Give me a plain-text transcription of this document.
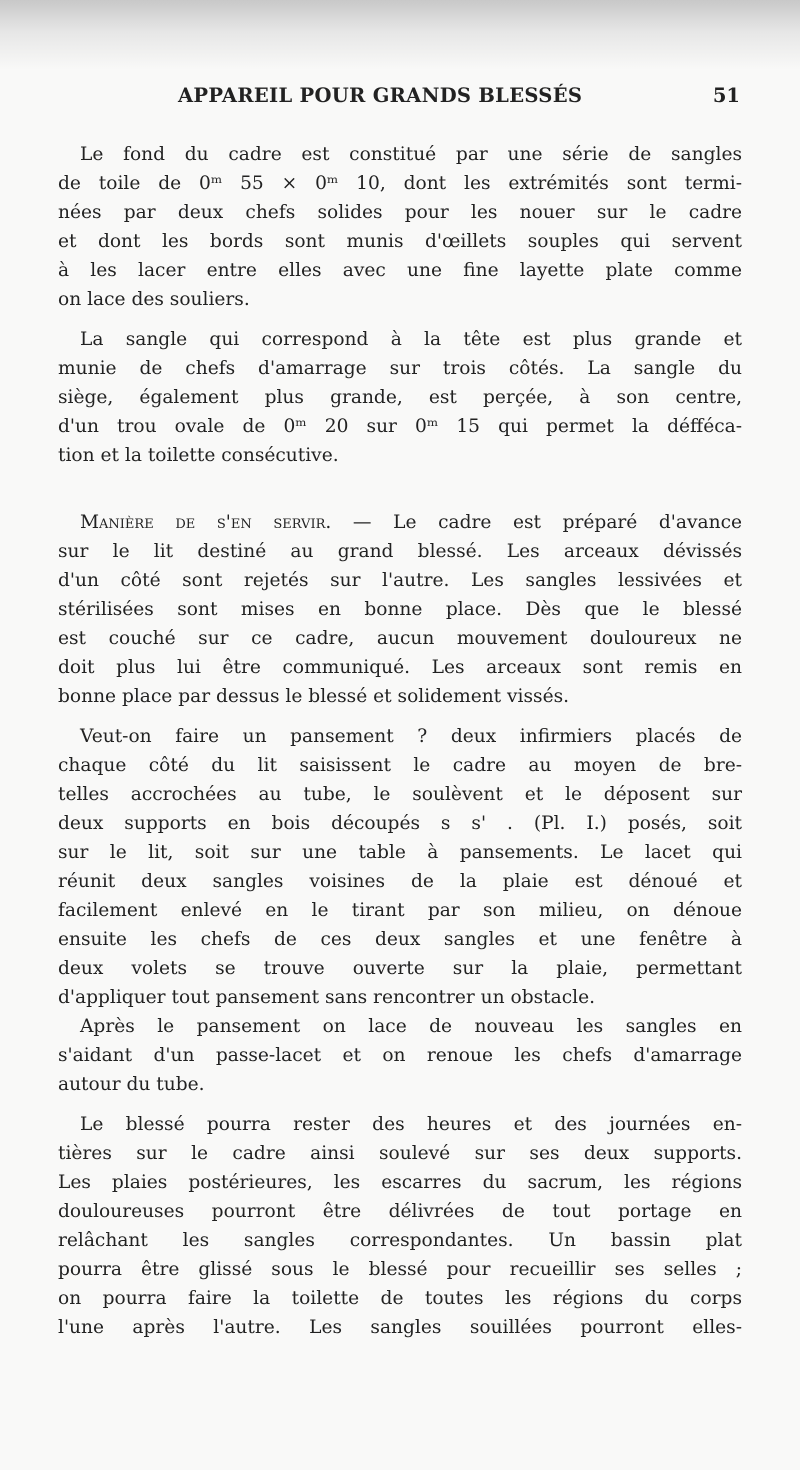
APPAREIL POUR GRANDS BLESSÉS	51
Le fond du cadre est constitué par une série de sangles
de toile de 0ᵐ 55 × 0ᵐ 10, dont les extrémités sont termi-
nées par deux chefs solides pour les nouer sur le cadre
et dont les bords sont munis d'œillets souples qui servent
à les lacer entre elles avec une fine layette plate comme
on lace des souliers.
La sangle qui correspond à la tête est plus grande et
munie de chefs d'amarrage sur trois côtés. La sangle du
siège, également plus grande, est perçée, à son centre,
d'un trou ovale de 0ᵐ 20 sur 0ᵐ 15 qui permet la défféca-
tion et la toilette consécutive.
Manière de s'en servir. — Le cadre est préparé d'avance
sur le lit destiné au grand blessé. Les arceaux dévissés
d'un côté sont rejetés sur l'autre. Les sangles lessivées et
stérilisées sont mises en bonne place. Dès que le blessé
est couché sur ce cadre, aucun mouvement douloureux ne
doit plus lui être communiqué. Les arceaux sont remis en
bonne place par dessus le blessé et solidement vissés.
Veut-on faire un pansement ? deux infirmiers placés de
chaque côté du lit saisissent le cadre au moyen de bre-
telles accrochées au tube, le soulèvent et le déposent sur
deux supports en bois découpés s s' . (Pl. I.) posés, soit
sur le lit, soit sur une table à pansements. Le lacet qui
réunit deux sangles voisines de la plaie est dénoué et
facilement enlevé en le tirant par son milieu, on dénoue
ensuite les chefs de ces deux sangles et une fenêtre à
deux volets se trouve ouverte sur la plaie, permettant
d'appliquer tout pansement sans rencontrer un obstacle.
Après le pansement on lace de nouveau les sangles en
s'aidant d'un passe-lacet et on renoue les chefs d'amarrage
autour du tube.
Le blessé pourra rester des heures et des journées en-
tières sur le cadre ainsi soulevé sur ses deux supports.
Les plaies postérieures, les escarres du sacrum, les régions
douloureuses pourront être délivrées de tout portage en
relâchant les sangles correspondantes. Un bassin plat
pourra être glissé sous le blessé pour recueillir ses selles ;
on pourra faire la toilette de toutes les régions du corps
l'une après l'autre. Les sangles souillées pourront elles-
